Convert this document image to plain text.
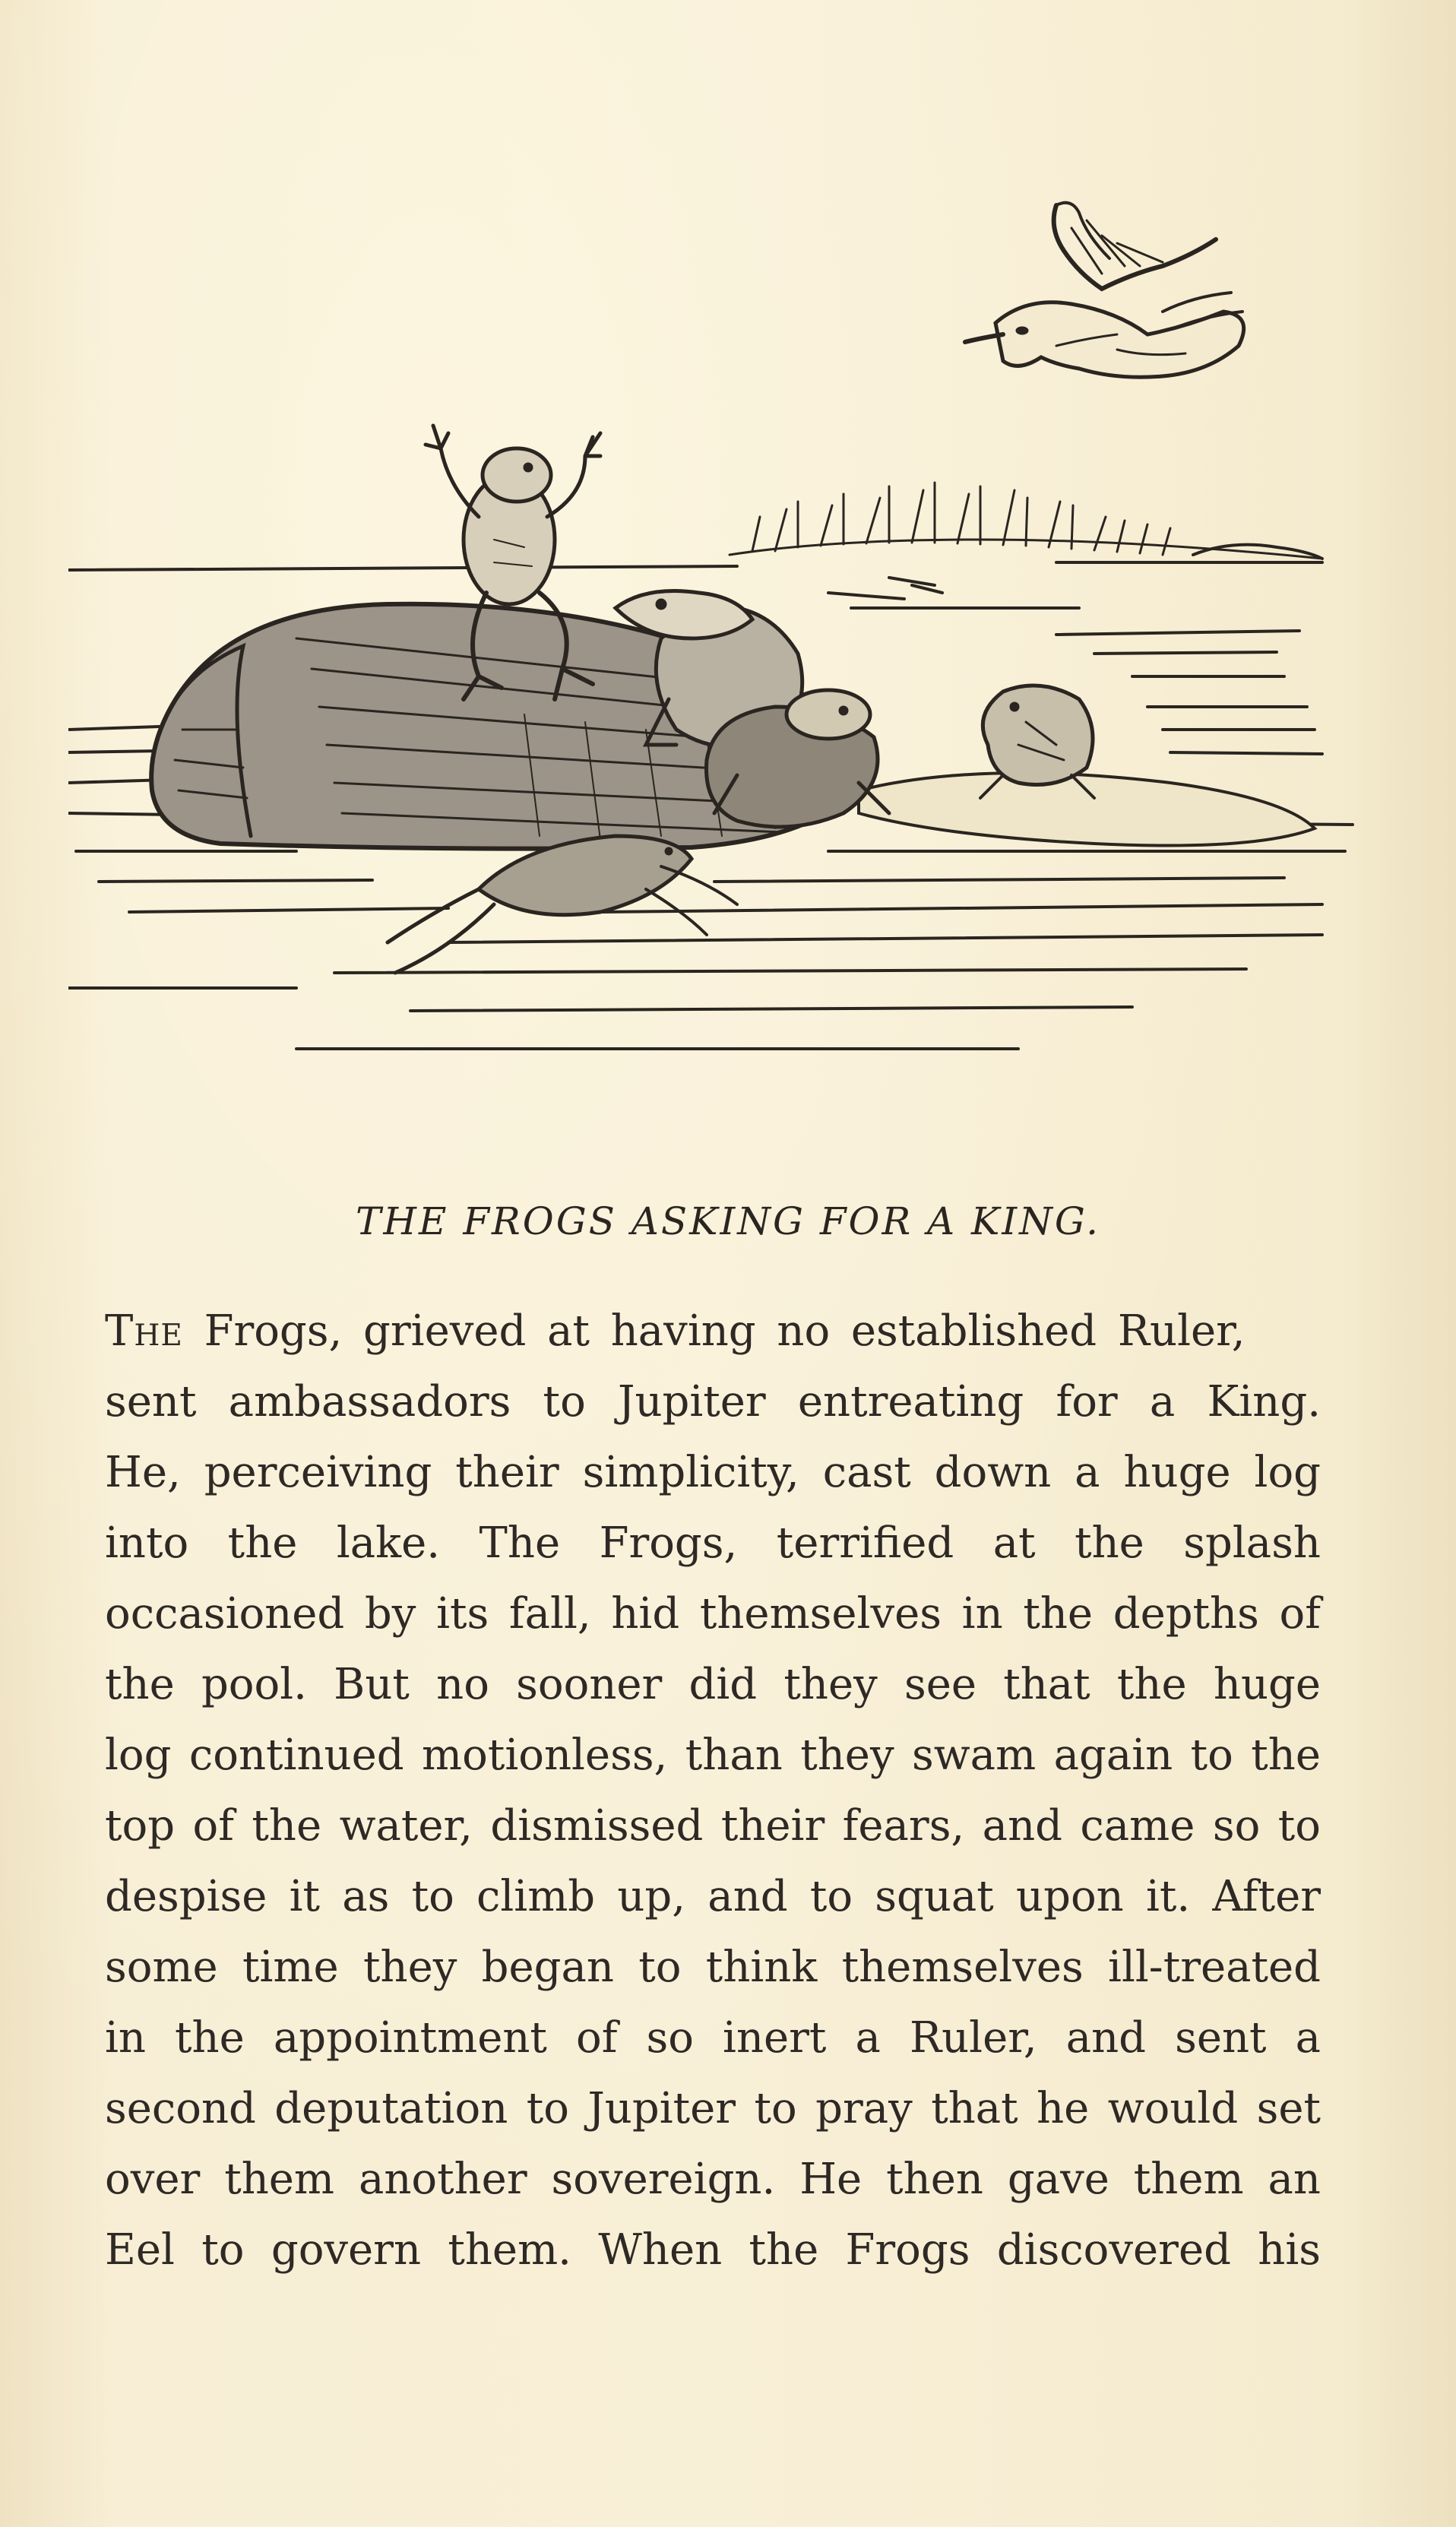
THE FROGS ASKING FOR A KING.
The Frogs, grieved at having no established Ruler,
sent ambassadors to Jupiter entreating for a King.
He, perceiving their simplicity, cast down a huge log
into the lake. The Frogs, terrified at the splash
occasioned by its fall, hid themselves in the depths of
the pool. But no sooner did they see that the huge
log continued motionless, than they swam again to the
top of the water, dismissed their fears, and came so to
despise it as to climb up, and to squat upon it. After
some time they began to think themselves ill-treated
in the appointment of so inert a Ruler, and sent a
second deputation to Jupiter to pray that he would set
over them another sovereign. He then gave them an
Eel to govern them. When the Frogs discovered his
